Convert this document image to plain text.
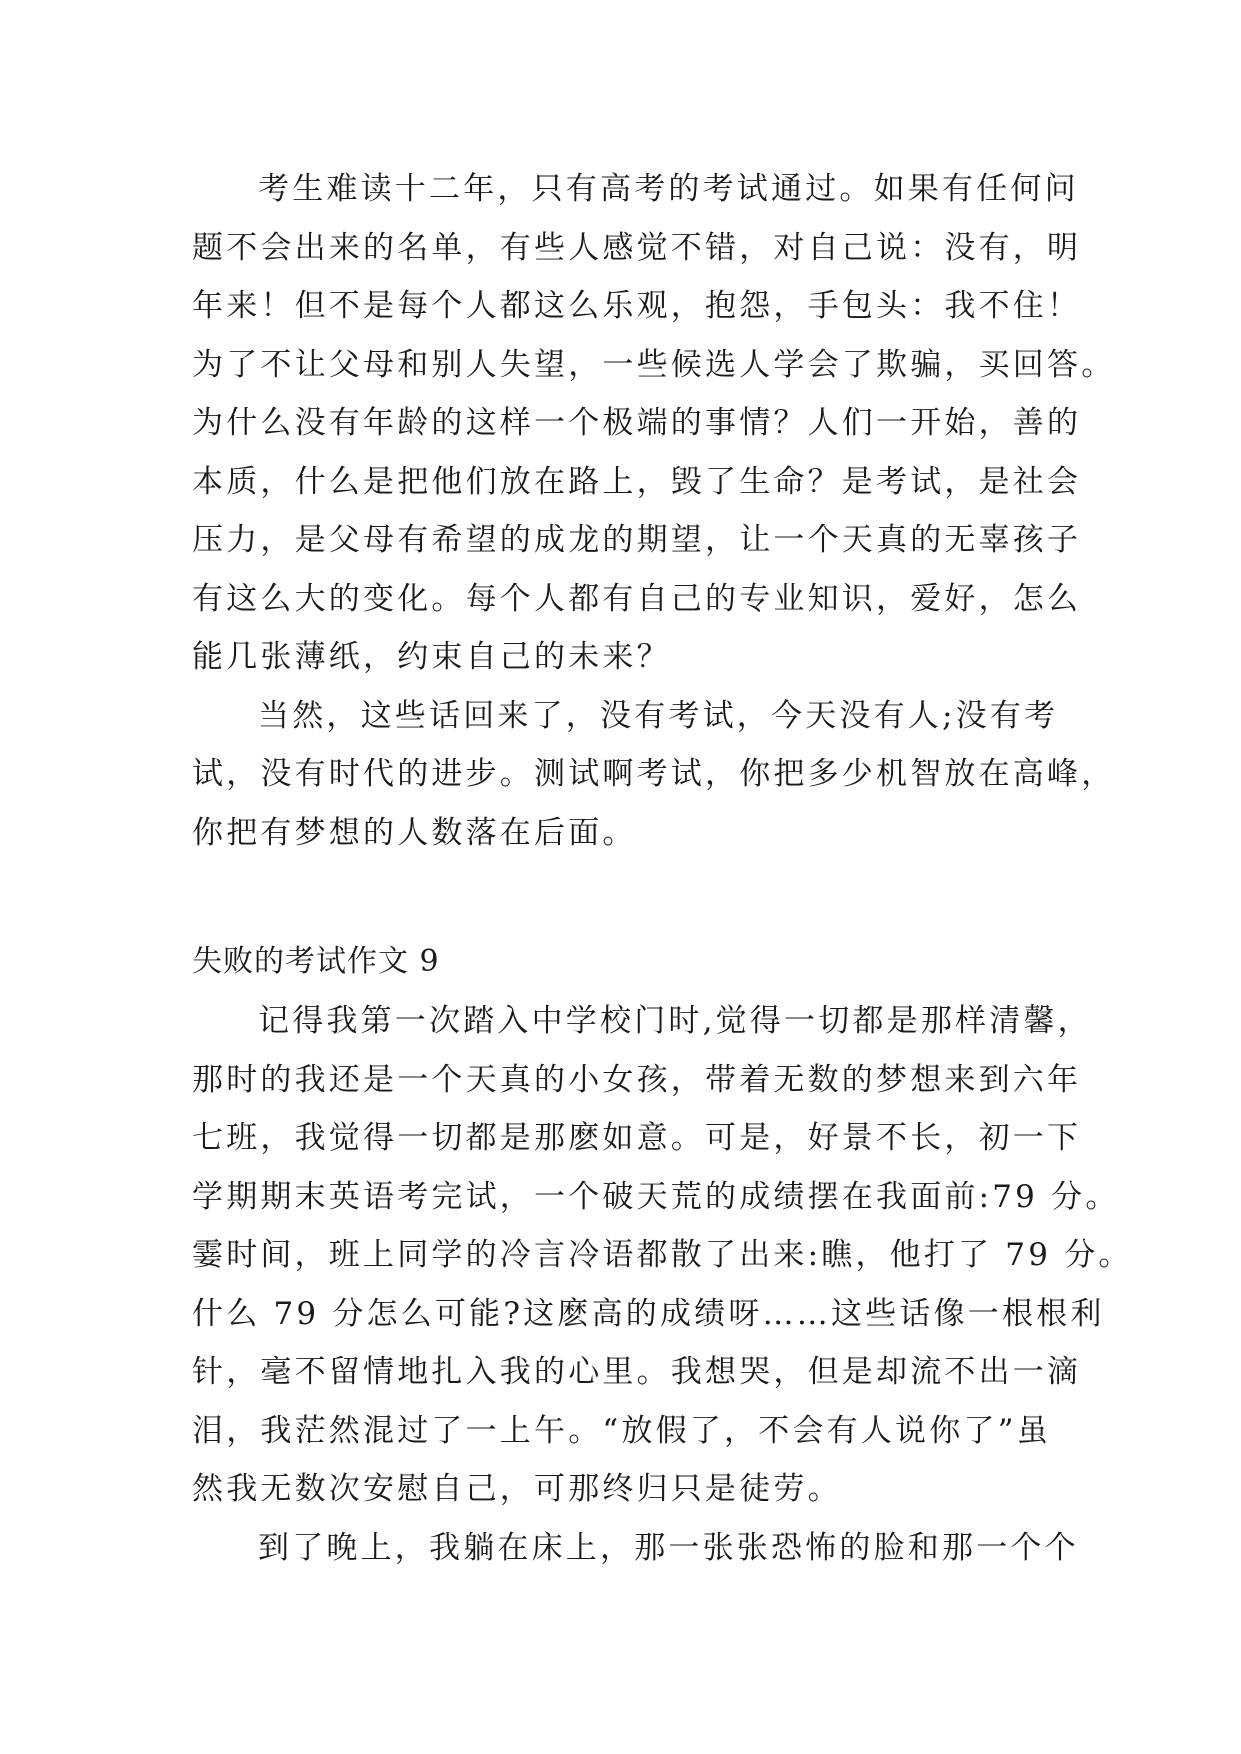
考生难读十二年，只有高考的考试通过。如果有任何问
题不会出来的名单，有些人感觉不错，对自己说：没有，明
年来！但不是每个人都这么乐观，抱怨，手包头：我不住！
为了不让父母和别人失望，一些候选人学会了欺骗，买回答。
为什么没有年龄的这样一个极端的事情？人们一开始，善的
本质，什么是把他们放在路上，毁了生命？是考试，是社会
压力，是父母有希望的成龙的期望，让一个天真的无辜孩子
有这么大的变化。每个人都有自己的专业知识，爱好，怎么
能几张薄纸，约束自己的未来？
当然，这些话回来了，没有考试，今天没有人;没有考
试，没有时代的进步。测试啊考试，你把多少机智放在高峰，
你把有梦想的人数落在后面。
失败的考试作文 9
记得我第一次踏入中学校门时,觉得一切都是那样清馨，
那时的我还是一个天真的小女孩，带着无数的梦想来到六年
七班，我觉得一切都是那麽如意。可是，好景不长，初一下
学期期末英语考完试，一个破天荒的成绩摆在我面前:79 分。
霎时间，班上同学的冷言冷语都散了出来:瞧，他打了 79 分。
什么 79 分怎么可能?这麽高的成绩呀……这些话像一根根利
针，毫不留情地扎入我的心里。我想哭，但是却流不出一滴
泪，我茫然混过了一上午。“放假了，不会有人说你了”虽
然我无数次安慰自己，可那终归只是徒劳。
到了晚上，我躺在床上，那一张张恐怖的脸和那一个个
